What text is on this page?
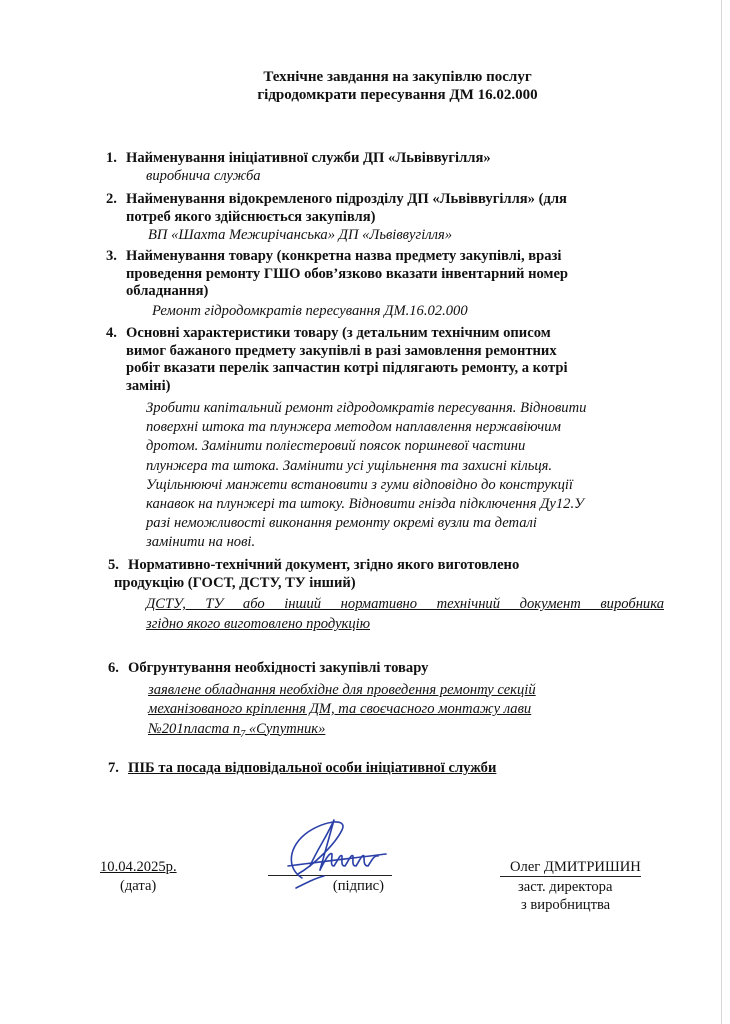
Технічне завдання на закупівлю послуг
гідродомкрати пересування ДМ 16.02.000
1. Найменування ініціативної служби ДП «Львіввугілля»
виробнича служба
2. Найменування відокремленого підрозділу ДП «Львіввугілля» (для
потреб якого здійснюється закупівля)
ВП «Шахта Межирічанська» ДП «Львіввугілля»
3. Найменування товару (конкретна назва предмету закупівлі, вразі
проведення ремонту ГШО обов’язково вказати інвентарний номер
обладнання)
Ремонт гідродомкратів пересування ДМ.16.02.000
4. Основні характеристики товару (з детальним технічним описом
вимог бажаного предмету закупівлі в разі замовлення ремонтних
робіт вказати перелік запчастин котрі підлягають ремонту, а котрі
заміні)
Зробити капітальний ремонт гідродомкратів пересування. Відновити
поверхні штока та плунжера методом наплавлення нержавіючим
дротом. Замінити поліестеровий поясок поршневої частини
плунжера та штока. Замінити усі ущільнення та захисні кільця.
Ущільнюючі манжети встановити з гуми відповідно до конструкції
канавок на плунжері та штоку. Відновити гнізда підключення Ду12.У
разі неможливості виконання ремонту окремі вузли та деталі
замінити на нові.
5. Нормативно-технічний документ, згідно якого виготовлено
продукцію (ГОСТ, ДСТУ, ТУ інший)
ДСТУ, ТУ або інший нормативно технічний документ виробника
згідно якого виготовлено продукцію
6. Обгрунтування необхідності закупівлі товару
заявлене обладнання необхідне для проведення ремонту секцій
механізованого кріплення ДМ, та своєчасного монтажу лави
№201пласта $n_7$ «Супутник»
7. ПІБ та посада відповідальної особи ініціативної служби
10.04.2025р.
(дата)	(підпис)
Олег ДМИТРИШИН
заст. директора
з виробництва
